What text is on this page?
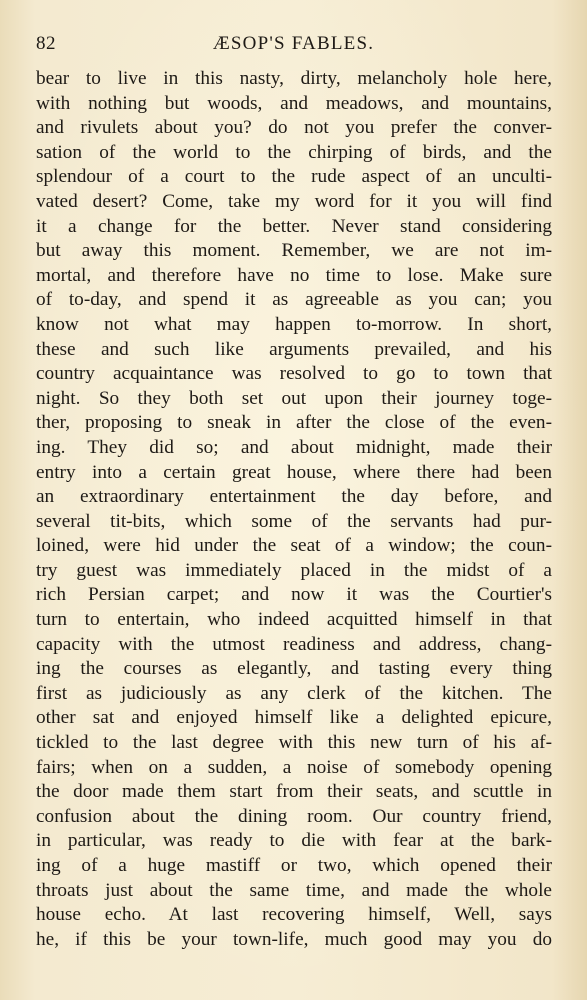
82	ÆSOP'S FABLES.
bear to live in this nasty, dirty, melancholy hole here,
with nothing but woods, and meadows, and mountains,
and rivulets about you? do not you prefer the conver-
sation of the world to the chirping of birds, and the
splendour of a court to the rude aspect of an unculti-
vated desert? Come, take my word for it you will find
it a change for the better. Never stand considering
but away this moment. Remember, we are not im-
mortal, and therefore have no time to lose. Make sure
of to-day, and spend it as agreeable as you can; you
know not what may happen to-morrow. In short,
these and such like arguments prevailed, and his
country acquaintance was resolved to go to town that
night. So they both set out upon their journey toge-
ther, proposing to sneak in after the close of the even-
ing. They did so; and about midnight, made their
entry into a certain great house, where there had been
an extraordinary entertainment the day before, and
several tit-bits, which some of the servants had pur-
loined, were hid under the seat of a window; the coun-
try guest was immediately placed in the midst of a
rich Persian carpet; and now it was the Courtier's
turn to entertain, who indeed acquitted himself in that
capacity with the utmost readiness and address, chang-
ing the courses as elegantly, and tasting every thing
first as judiciously as any clerk of the kitchen. The
other sat and enjoyed himself like a delighted epicure,
tickled to the last degree with this new turn of his af-
fairs; when on a sudden, a noise of somebody opening
the door made them start from their seats, and scuttle in
confusion about the dining room. Our country friend,
in particular, was ready to die with fear at the bark-
ing of a huge mastiff or two, which opened their
throats just about the same time, and made the whole
house echo. At last recovering himself, Well, says
he, if this be your town-life, much good may you do
